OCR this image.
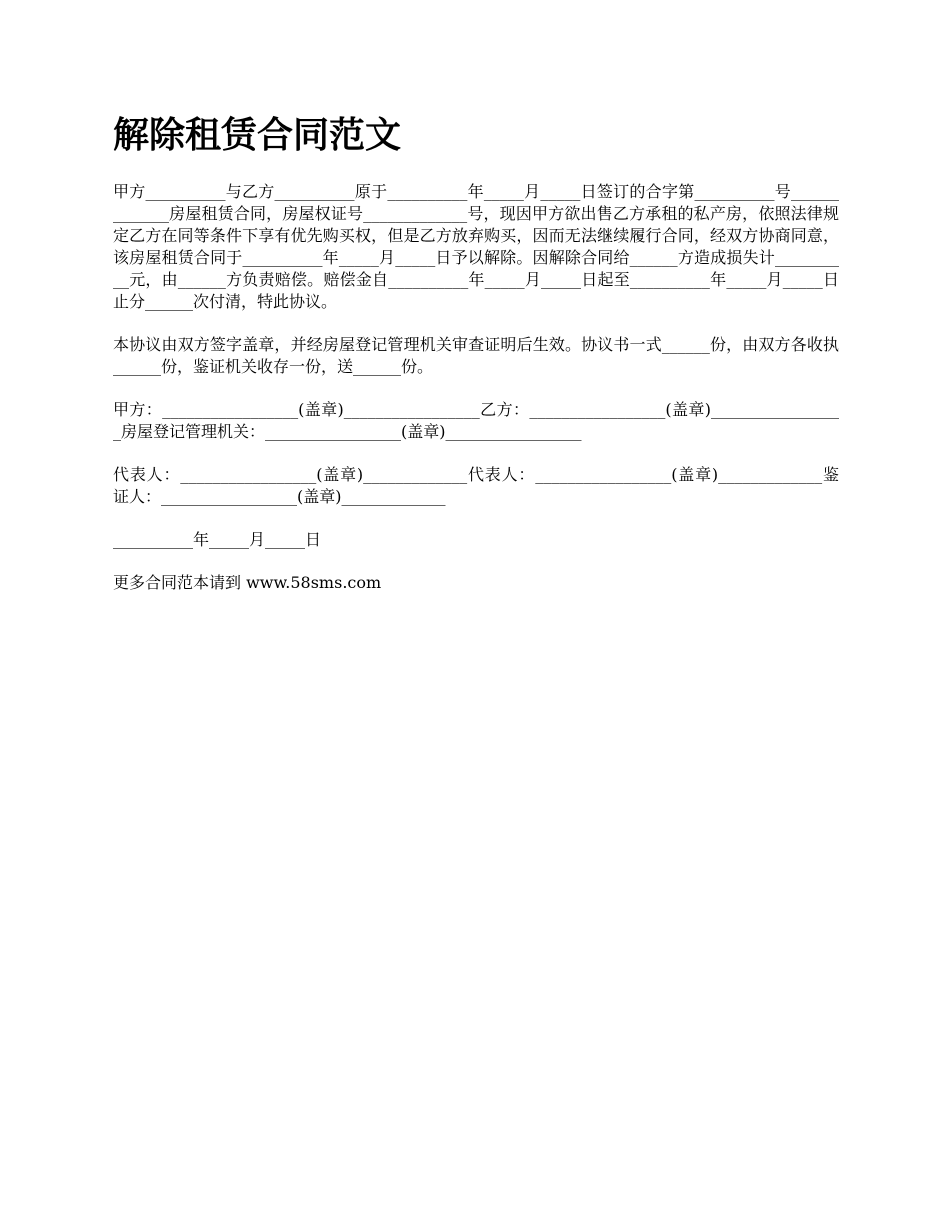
解除租赁合同范文

甲方__________与乙方__________原于__________年_____月_____日签订的合字第__________号_____________房屋租赁合同，房屋权证号_____________号，现因甲方欲出售乙方承租的私产房，依照法律规定乙方在同等条件下享有优先购买权，但是乙方放弃购买，因而无法继续履行合同，经双方协商同意，该房屋租赁合同于__________年_____月_____日予以解除。因解除合同给______方造成损失计__________元，由______方负责赔偿。赔偿金自__________年_____月_____日起至__________年_____月_____日止分______次付清，特此协议。

本协议由双方签字盖章，并经房屋登记管理机关审查证明后生效。协议书一式______份，由双方各收执______份，鉴证机关收存一份，送______份。

甲方：_________________(盖章)_________________乙方：_________________(盖章)_________________房屋登记管理机关：_________________(盖章)_________________

代表人：_________________(盖章)_____________代表人：_________________(盖章)_____________鉴证人：_________________(盖章)_____________

__________年_____月_____日

更多合同范本请到 www.58sms.com
